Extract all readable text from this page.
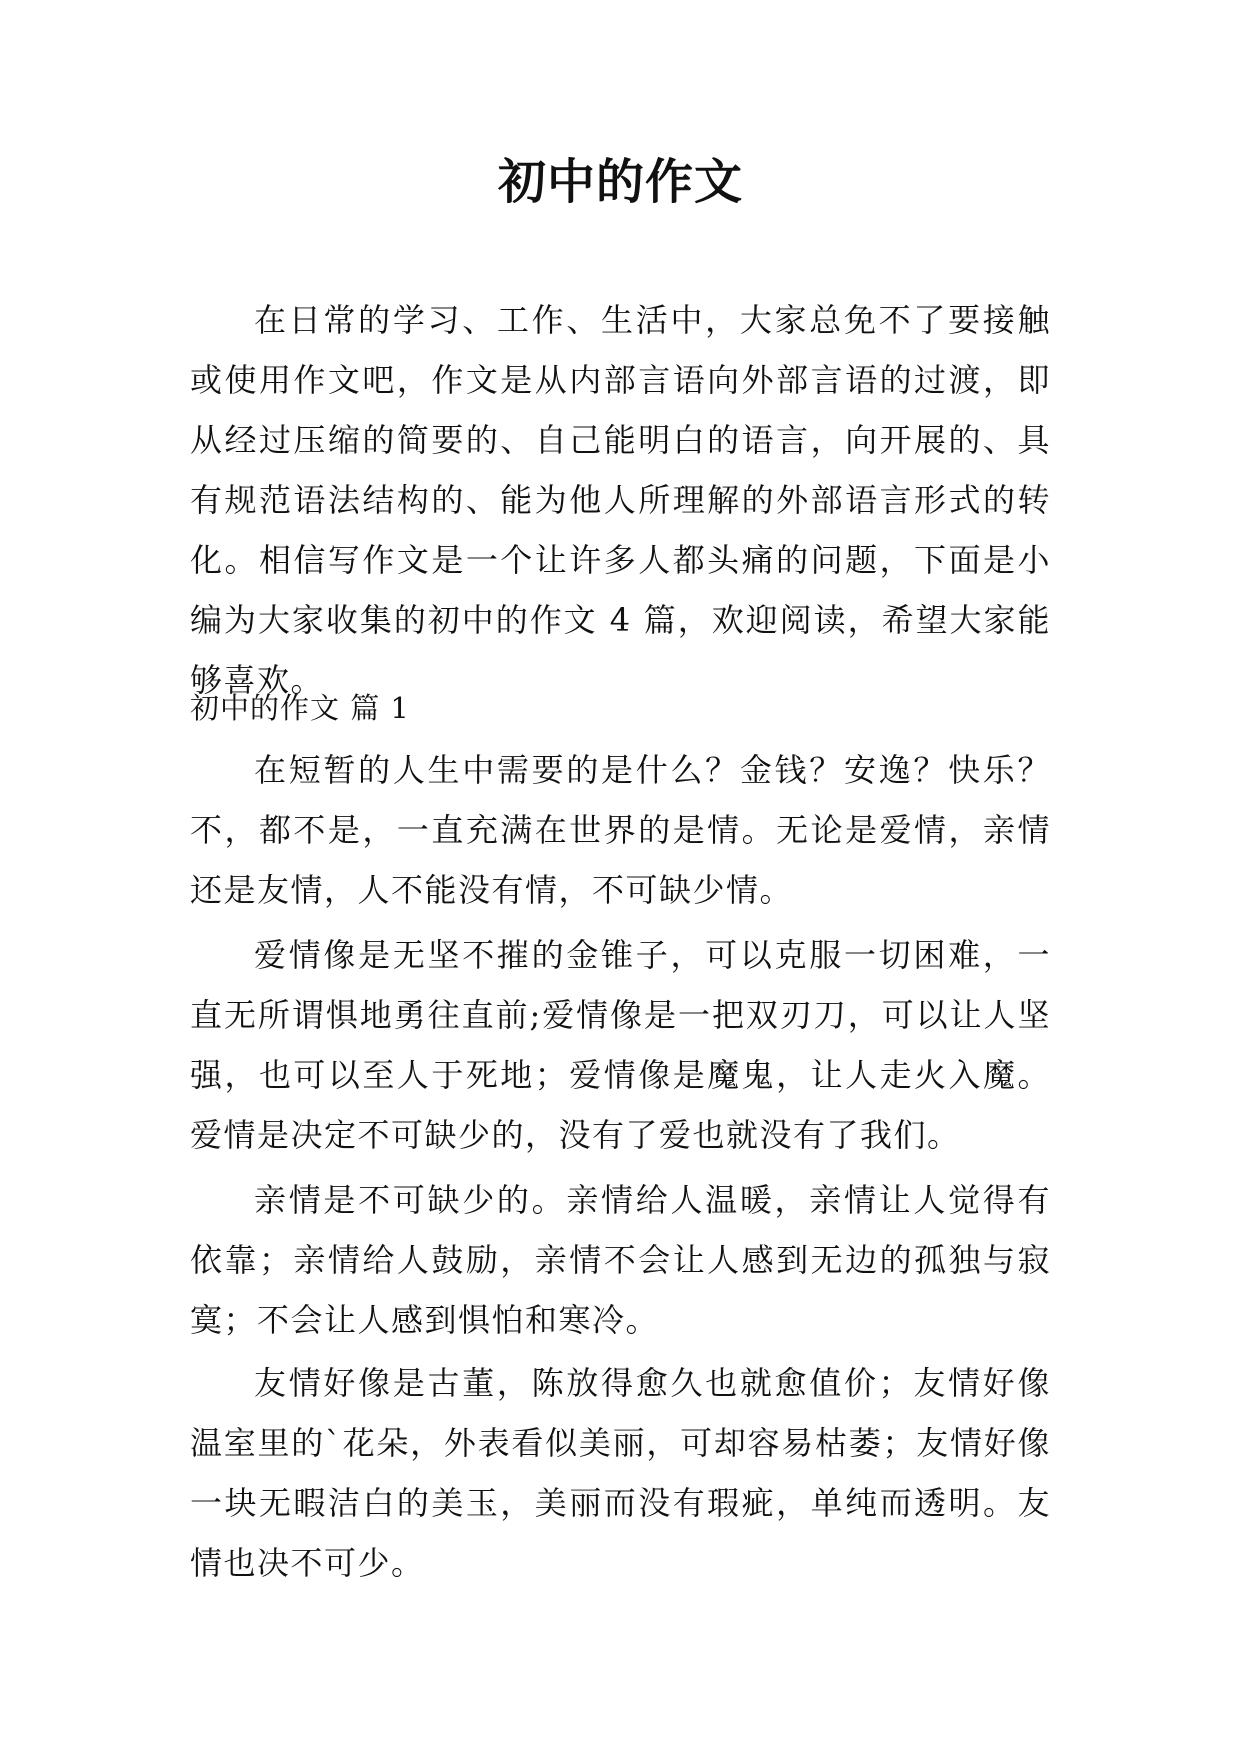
初中的作文

在日常的学习、工作、生活中，大家总免不了要接触或使用作文吧，作文是从内部言语向外部言语的过渡，即从经过压缩的简要的、自己能明白的语言，向开展的、具有规范语法结构的、能为他人所理解的外部语言形式的转化。相信写作文是一个让许多人都头痛的问题，下面是小编为大家收集的初中的作文 4 篇，欢迎阅读，希望大家能够喜欢。

初中的作文 篇 1

在短暂的人生中需要的是什么？金钱？安逸？快乐？不，都不是，一直充满在世界的是情。无论是爱情，亲情还是友情，人不能没有情，不可缺少情。

爱情像是无坚不摧的金锥子，可以克服一切困难，一直无所谓惧地勇往直前;爱情像是一把双刃刀，可以让人坚强，也可以至人于死地；爱情像是魔鬼，让人走火入魔。爱情是决定不可缺少的，没有了爱也就没有了我们。

亲情是不可缺少的。亲情给人温暖，亲情让人觉得有依靠；亲情给人鼓励，亲情不会让人感到无边的孤独与寂寞；不会让人感到惧怕和寒冷。

友情好像是古董，陈放得愈久也就愈值价；友情好像温室里的`花朵，外表看似美丽，可却容易枯萎；友情好像一块无暇洁白的美玉，美丽而没有瑕疵，单纯而透明。友情也决不可少。
